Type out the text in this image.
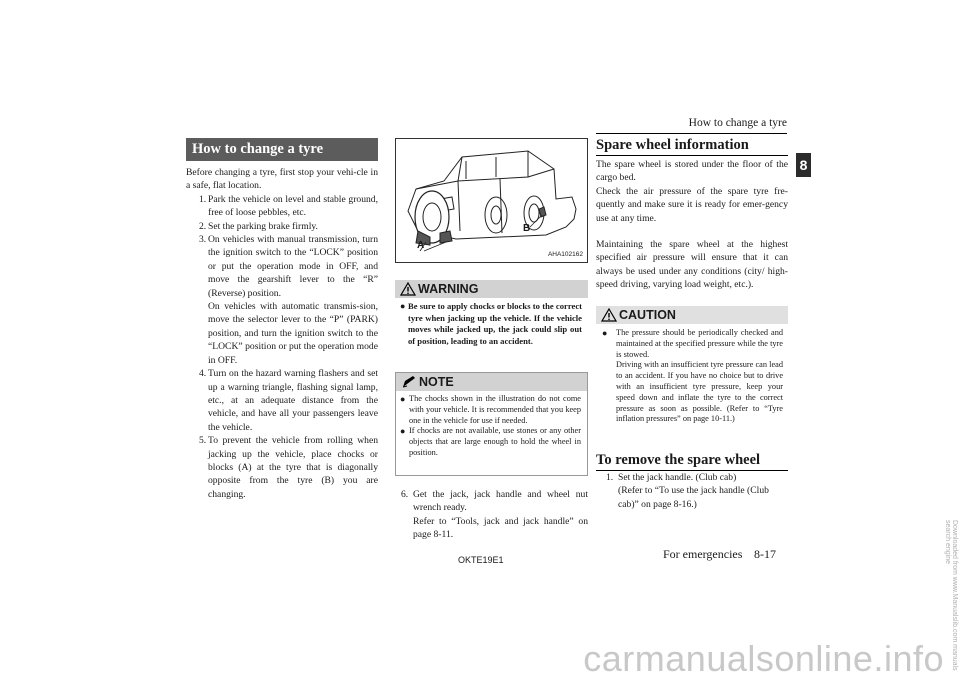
How to change a tyre
8
How to change a tyre

Before changing a tyre, first stop your vehi-cle in a safe, flat location.

1. Park the vehicle on level and stable ground, free of loose pebbles, etc.

2. Set the parking brake firmly.

3. On vehicles with manual transmission, turn the ignition switch to the “LOCK” position or put the operation mode in OFF, and move the gearshift lever to the “R” (Reverse) position.

On vehicles with automatic transmis-sion, move the selector lever to the “P” (PARK) position, and turn the ignition switch to the “LOCK” position or put the operation mode in OFF.

4. Turn on the hazard warning flashers and set up a warning triangle, flashing signal lamp, etc., at an adequate distance from the vehicle, and have all your passengers leave the vehicle.

5. To prevent the vehicle from rolling when jacking up the vehicle, place chocks or blocks (A) at the tyre that is diagonally opposite from the tyre (B) you are changing.

A
B
AHA102162
WARNING
● Be sure to apply chocks or blocks to the correct tyre when jacking up the vehicle. If the vehicle moves while jacked up, the jack could slip out of position, leading to an accident.
NOTE

● The chocks shown in the illustration do not come with your vehicle. It is recommended that you keep one in the vehicle for use if needed.

● If chocks are not available, use stones or any other objects that are large enough to hold the wheel in position.

6. Get the jack, jack handle and wheel nut wrench ready.
Refer to “Tools, jack and jack handle” on page 8-11.
Spare wheel information

The spare wheel is stored under the floor of the cargo bed.

Check the air pressure of the spare tyre fre-quently and make sure it is ready for emer-gency use at any time.

Maintaining the spare wheel at the highest specified air pressure will ensure that it can always be used under any conditions (city/ high-speed driving, varying load weight, etc.).

CAUTION
● The pressure should be periodically checked and maintained at the specified pressure while the tyre is stowed.
Driving with an insufficient tyre pressure can lead to an accident. If you have no choice but to drive with an insufficient tyre pressure, keep your speed down and inflate the tyre to the correct pressure as soon as possible. (Refer to “Tyre inflation pressures” on page 10-11.)
To remove the spare wheel
1. Set the jack handle. (Club cab)
(Refer to “To use the jack handle (Club cab)” on page 8-16.)
OKTE19E1	For emergencies 8-17
carmanualsonline.info	Downloaded from www.Manualslib.com manuals search engine
